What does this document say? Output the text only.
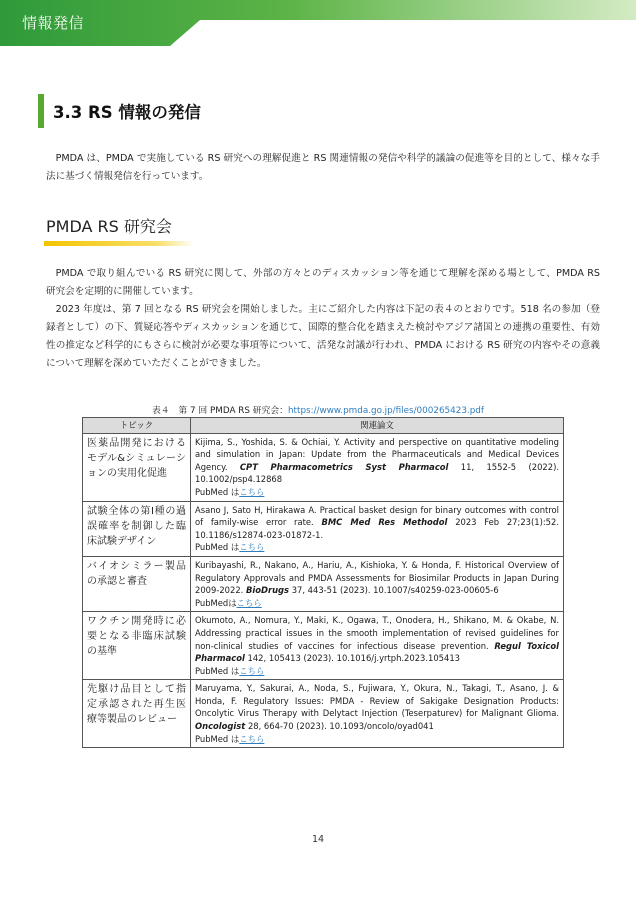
情報発信
3.3 RS 情報の発信

PMDA は、PMDA で実施している RS 研究への理解促進と RS 関連情報の発信や科学的議論の促進等を目的として、様々な手法に基づく情報発信を行っています。

PMDA RS 研究会

PMDA で取り組んでいる RS 研究に関して、外部の方々とのディスカッション等を通じて理解を深める場として、PMDA RS 研究会を定期的に開催しています。

2023 年度は、第 7 回となる RS 研究会を開始しました。主にご紹介した内容は下記の表４のとおりです。518 名の参加（登録者として）の下、質疑応答やディスカッションを通じて、国際的整合化を踏まえた検討やアジア諸国との連携の重要性、有効性の推定など科学的にもさらに検討が必要な事項等について、活発な討議が行われ、PMDA における RS 研究の内容やその意義について理解を深めていただくことができました。

表４　第 7 回 PMDA RS 研究会：https://www.pmda.go.jp/files/000265423.pdf
トピック	関連論文
医薬品開発における モデル&シミュレーションの実用化促進	Kijima, S., Yoshida, S. & Ochiai, Y. Activity and perspective on quantitative modeling and simulation in Japan: Update from the Pharmaceuticals and Medical Devices Agency. CPT Pharmacometrics Syst Pharmacol 11, 1552-5 (2022). 10.1002/psp4.12868
PubMed はこちら
試験全体の第Ⅰ種の過誤確率を制御した臨床試験デザイン	Asano J, Sato H, Hirakawa A. Practical basket design for binary outcomes with control of family-wise error rate. BMC Med Res Methodol 2023 Feb 27;23(1):52. 10.1186/s12874-023-01872-1.
PubMed はこちら
バイオシミラー製品の承認と審査	Kuribayashi, R., Nakano, A., Hariu, A., Kishioka, Y. & Honda, F. Historical Overview of Regulatory Approvals and PMDA Assessments for Biosimilar Products in Japan During 2009-2022. BioDrugs 37, 443-51 (2023). 10.1007/s40259-023-00605-6
PubMedはこちら
ワクチン開発時に必要となる非臨床試験の基準	Okumoto, A., Nomura, Y., Maki, K., Ogawa, T., Onodera, H., Shikano, M. & Okabe, N. Addressing practical issues in the smooth implementation of revised guidelines for non-clinical studies of vaccines for infectious disease prevention. Regul Toxicol Pharmacol 142, 105413 (2023). 10.1016/j.yrtph.2023.105413
PubMed はこちら
先駆け品目として指定承認された再生医療等製品のレビュー	Maruyama, Y., Sakurai, A., Noda, S., Fujiwara, Y., Okura, N., Takagi, T., Asano, J. & Honda, F. Regulatory Issues: PMDA - Review of Sakigake Designation Products: Oncolytic Virus Therapy with Delytact Injection (Teserpaturev) for Malignant Glioma. Oncologist 28, 664-70 (2023). 10.1093/oncolo/oyad041
PubMed はこちら
14
